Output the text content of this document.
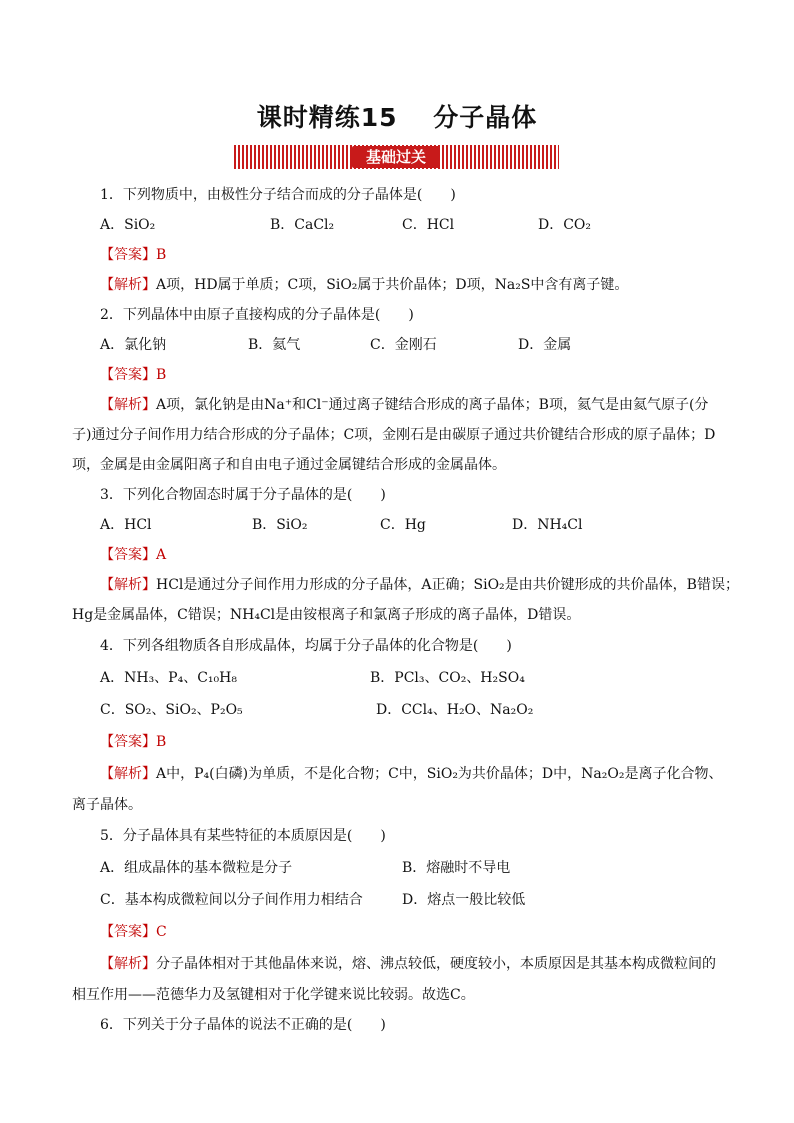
课时精练15　 分子晶体
基础过关
1．下列物质中，由极性分子结合而成的分子晶体是(　　)
A．SiO₂	B．CaCl₂	C．HCl	D．CO₂
【答案】B
【解析】A项，HD属于单质；C项，SiO₂属于共价晶体；D项，Na₂S中含有离子键。
2．下列晶体中由原子直接构成的分子晶体是(　　)
A．氯化钠	B．氦气	C．金刚石	D．金属
【答案】B
【解析】A项，氯化钠是由Na⁺和Cl⁻通过离子键结合形成的离子晶体；B项，氦气是由氦气原子(分
子)通过分子间作用力结合形成的分子晶体；C项，金刚石是由碳原子通过共价键结合形成的原子晶体；D
项，金属是由金属阳离子和自由电子通过金属键结合形成的金属晶体。
3．下列化合物固态时属于分子晶体的是(　　)
A．HCl	B．SiO₂	C．Hg	D．NH₄Cl
【答案】A
【解析】HCl是通过分子间作用力形成的分子晶体，A正确；SiO₂是由共价键形成的共价晶体，B错误；
Hg是金属晶体，C错误；NH₄Cl是由铵根离子和氯离子形成的离子晶体，D错误。
4．下列各组物质各自形成晶体，均属于分子晶体的化合物是(　　)
A．NH₃、P₄、C₁₀H₈	B．PCl₃、CO₂、H₂SO₄
C．SO₂、SiO₂、P₂O₅	D．CCl₄、H₂O、Na₂O₂
【答案】B
【解析】A中，P₄(白磷)为单质，不是化合物；C中，SiO₂为共价晶体；D中，Na₂O₂是离子化合物、
离子晶体。
5．分子晶体具有某些特征的本质原因是(　　)
A．组成晶体的基本微粒是分子	B．熔融时不导电
C．基本构成微粒间以分子间作用力相结合	D．熔点一般比较低
【答案】C
【解析】分子晶体相对于其他晶体来说，熔、沸点较低，硬度较小，本质原因是其基本构成微粒间的
相互作用——范德华力及氢键相对于化学键来说比较弱。故选C。
6．下列关于分子晶体的说法不正确的是(　　)
